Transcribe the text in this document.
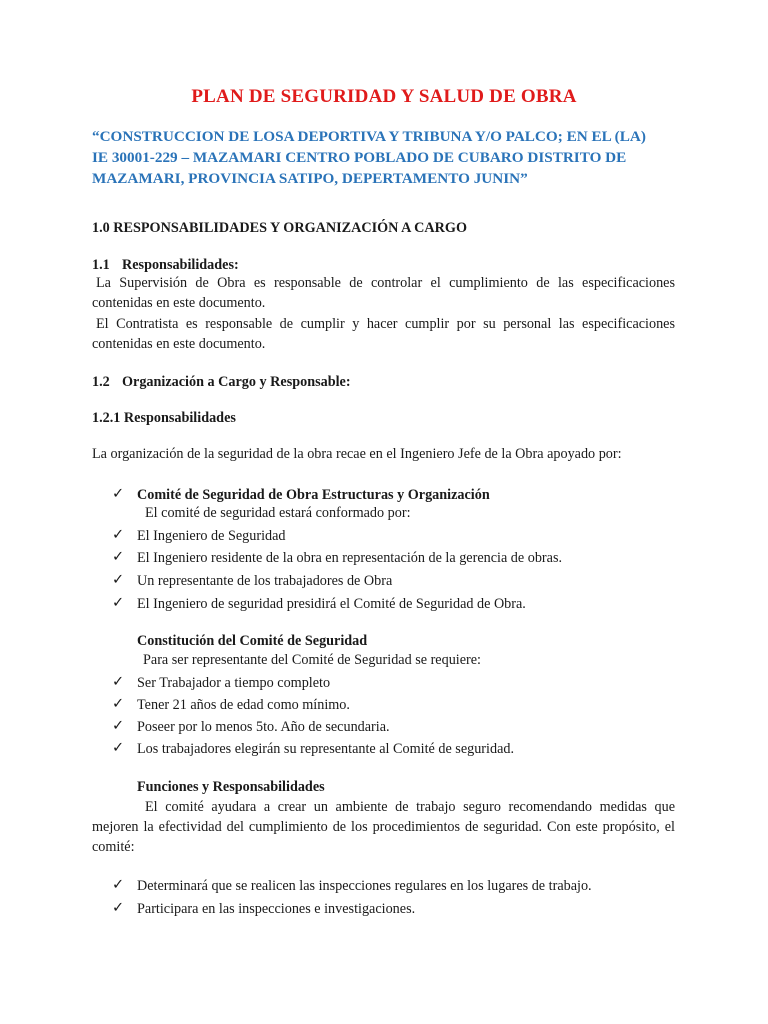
PLAN DE SEGURIDAD Y SALUD DE OBRA
“CONSTRUCCION DE LOSA DEPORTIVA Y TRIBUNA Y/O PALCO; EN EL (LA)
IE 30001-229 – MAZAMARI CENTRO POBLADO DE CUBARO DISTRITO DE
MAZAMARI, PROVINCIA SATIPO, DEPERTAMENTO JUNIN”
1.0 RESPONSABILIDADES Y ORGANIZACIÓN A CARGO
1.1 Responsabilidades:
La Supervisión de Obra es responsable de controlar el cumplimiento de las especificaciones contenidas en este documento.
El Contratista es responsable de cumplir y hacer cumplir por su personal las especificaciones contenidas en este documento.
1.2 Organización a Cargo y Responsable:
1.2.1 Responsabilidades
La organización de la seguridad de la obra recae en el Ingeniero Jefe de la Obra apoyado por:
✓ Comité de Seguridad de Obra Estructuras y Organización
El comité de seguridad estará conformado por:
✓ El Ingeniero de Seguridad
✓ El Ingeniero residente de la obra en representación de la gerencia de obras.
✓ Un representante de los trabajadores de Obra
✓ El Ingeniero de seguridad presidirá el Comité de Seguridad de Obra.
Constitución del Comité de Seguridad
Para ser representante del Comité de Seguridad se requiere:
✓ Ser Trabajador a tiempo completo
✓ Tener 21 años de edad como mínimo.
✓ Poseer por lo menos 5to. Año de secundaria.
✓ Los trabajadores elegirán su representante al Comité de seguridad.
Funciones y Responsabilidades
El comité ayudara a crear un ambiente de trabajo seguro recomendando medidas que mejoren la efectividad del cumplimiento de los procedimientos de seguridad. Con este propósito, el comité:
✓ Determinará que se realicen las inspecciones regulares en los lugares de trabajo.
✓ Participara en las inspecciones e investigaciones.
